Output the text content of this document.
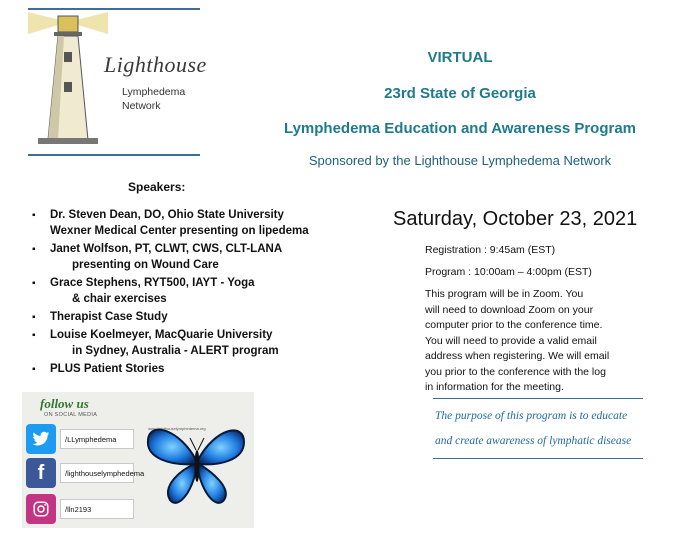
Lighthouse
Lymphedema
Network
VIRTUAL
23rd State of Georgia
Lymphedema Education and Awareness Program
Sponsored by the Lighthouse Lymphedema Network
Speakers:
▪ Dr. Steven Dean, DO, Ohio State University
Wexner Medical Center presenting on lipedema
▪ Janet Wolfson, PT, CLWT, CWS, CLT-LANA
presenting on Wound Care
▪ Grace Stephens, RYT500, IAYT - Yoga
& chair exercises
▪ Therapist Case Study
▪ Louise Koelmeyer, MacQuarie University
in Sydney, Australia - ALERT program
▪ PLUS Patient Stories
Saturday, October 23, 2021
Registration : 9:45am (EST)
Program : 10:00am – 4:00pm (EST)
This program will be in Zoom. You
will need to download Zoom on your
computer prior to the conference time.
You will need to provide a valid email
address when registering. We will email
you prior to the conference with the log
in information for the meeting.
The purpose of this program is to educate
and create awareness of lymphatic disease
follow us
ON SOCIAL MEDIA
/LLymphedema
f	/lighthouselymphedema
/lln2193
www.lighthouselymphedema.org
